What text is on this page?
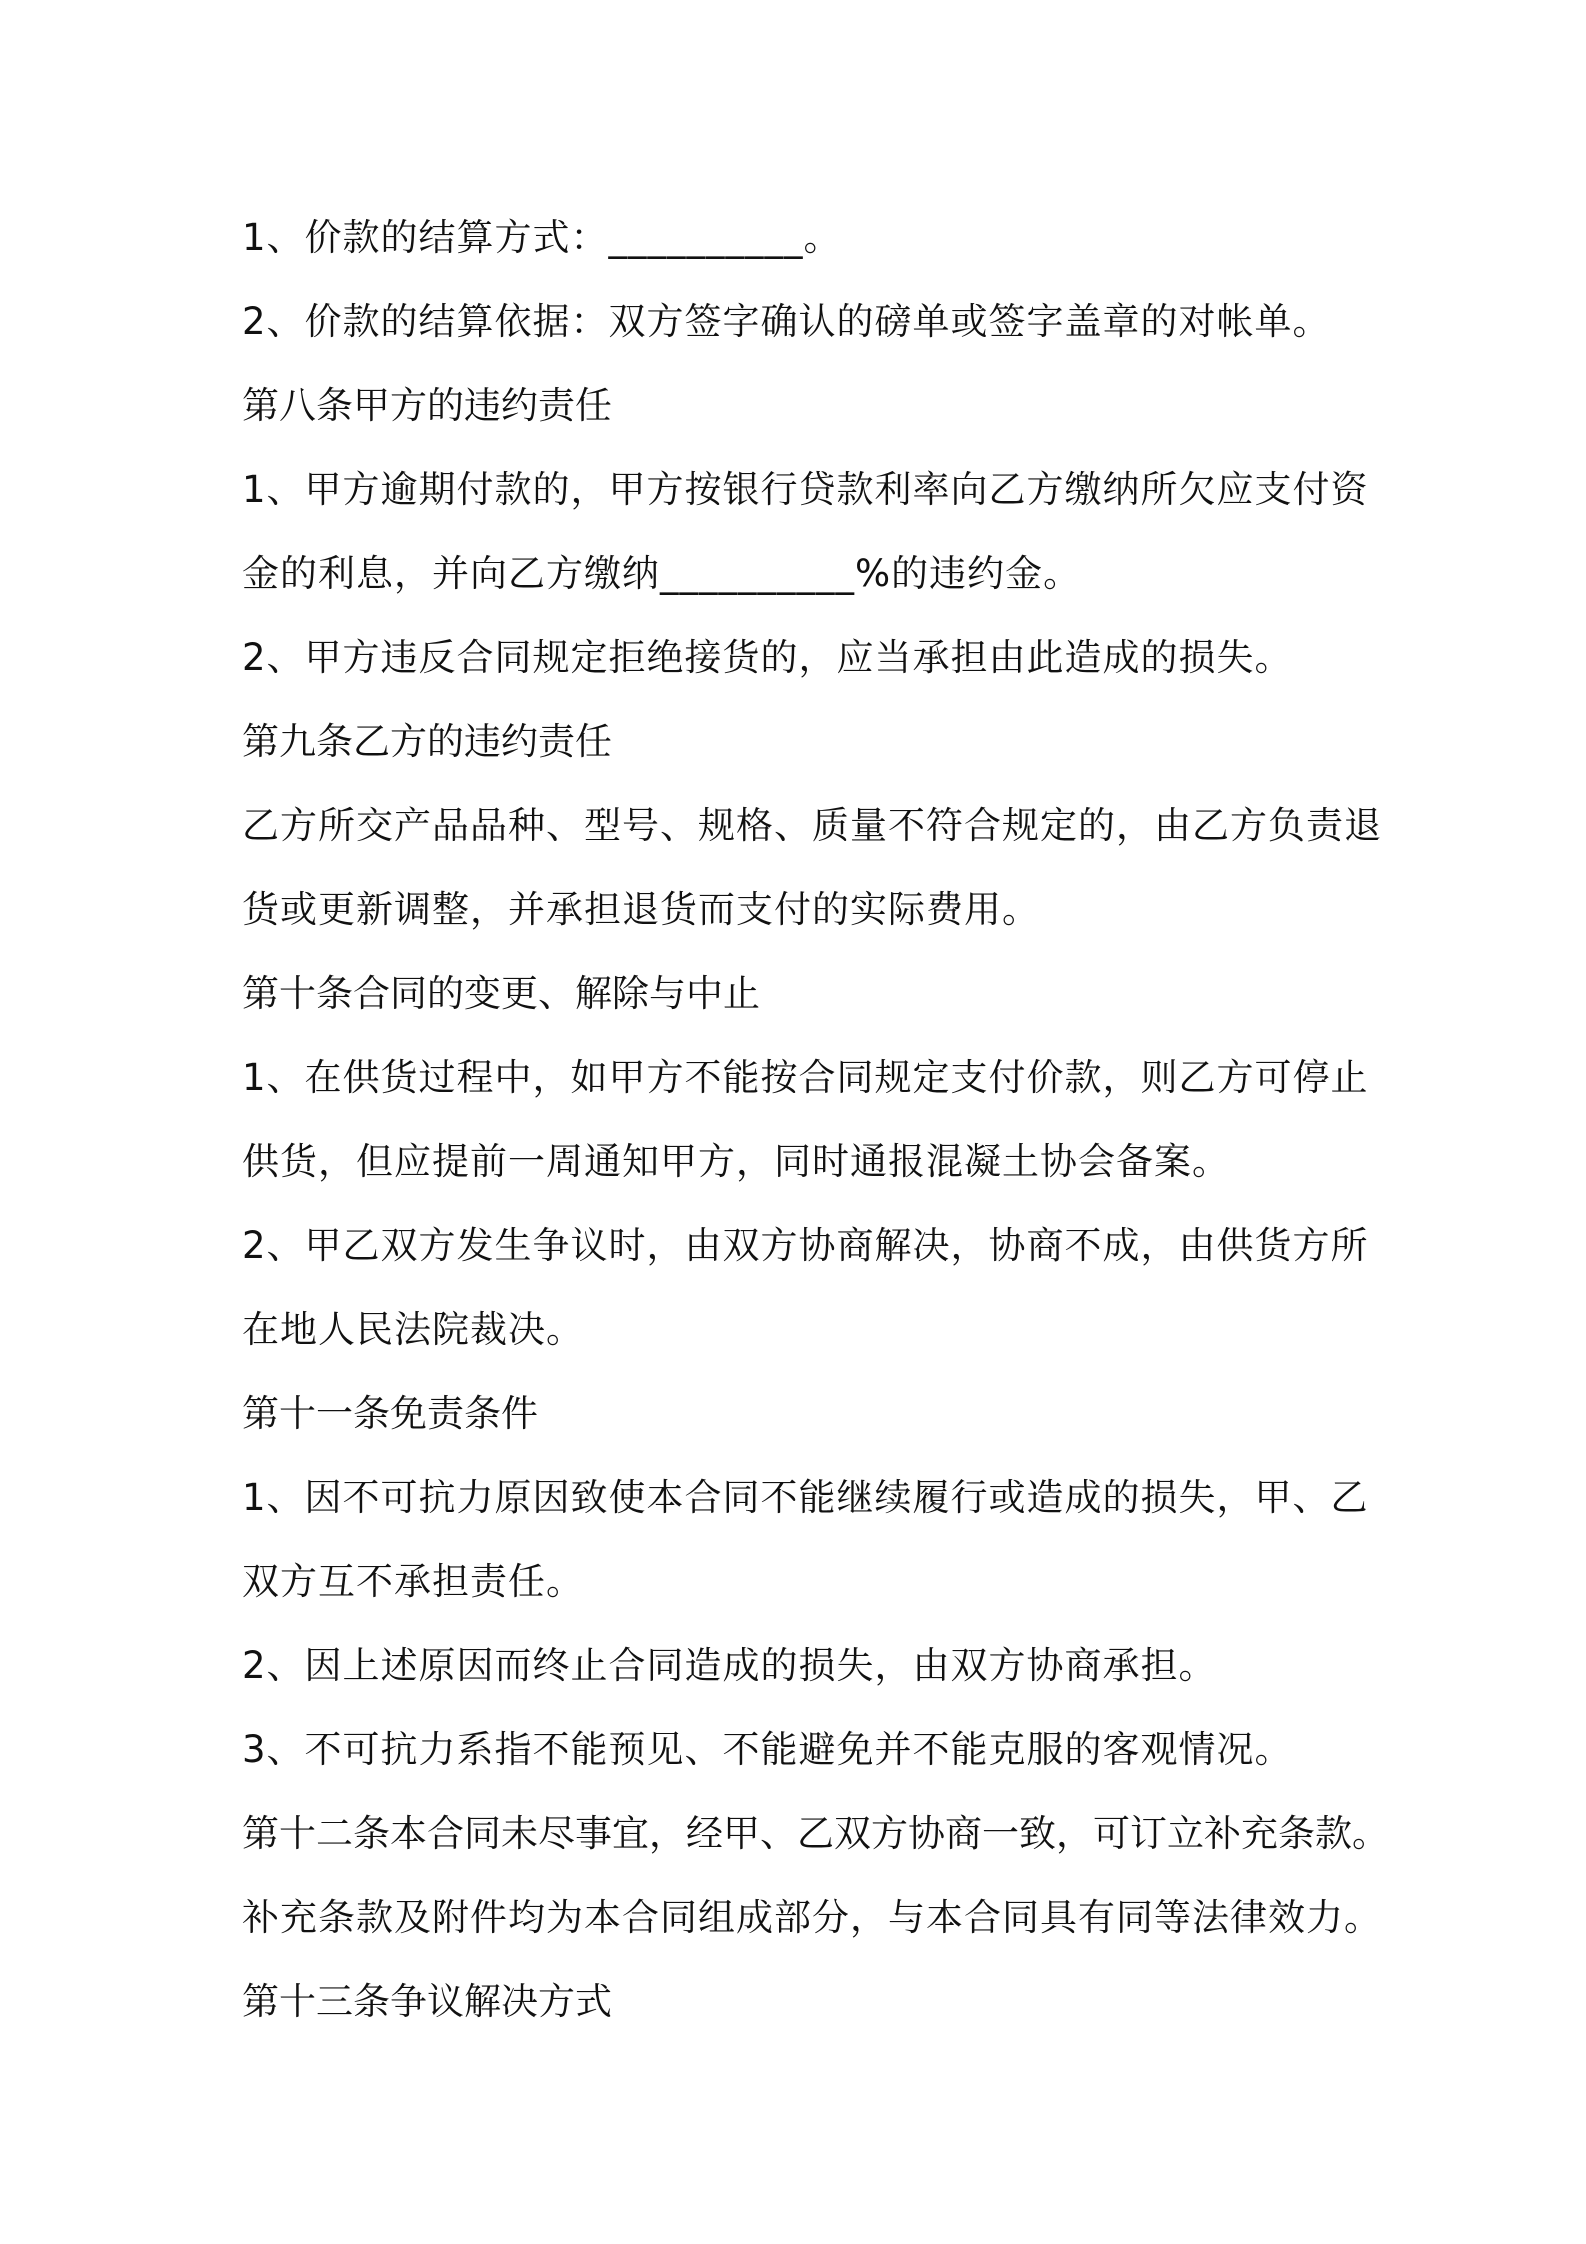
1、价款的结算方式：__________。
2、价款的结算依据：双方签字确认的磅单或签字盖章的对帐单。
第八条甲方的违约责任
1、甲方逾期付款的，甲方按银行贷款利率向乙方缴纳所欠应支付资
金的利息，并向乙方缴纳__________%的违约金。
2、甲方违反合同规定拒绝接货的，应当承担由此造成的损失。
第九条乙方的违约责任
乙方所交产品品种、型号、规格、质量不符合规定的，由乙方负责退
货或更新调整，并承担退货而支付的实际费用。
第十条合同的变更、解除与中止
1、在供货过程中，如甲方不能按合同规定支付价款，则乙方可停止
供货，但应提前一周通知甲方，同时通报混凝土协会备案。
2、甲乙双方发生争议时，由双方协商解决，协商不成，由供货方所
在地人民法院裁决。
第十一条免责条件
1、因不可抗力原因致使本合同不能继续履行或造成的损失，甲、乙
双方互不承担责任。
2、因上述原因而终止合同造成的损失，由双方协商承担。
3、不可抗力系指不能预见、不能避免并不能克服的客观情况。
第十二条本合同未尽事宜，经甲、乙双方协商一致，可订立补充条款。
补充条款及附件均为本合同组成部分，与本合同具有同等法律效力。
第十三条争议解决方式
